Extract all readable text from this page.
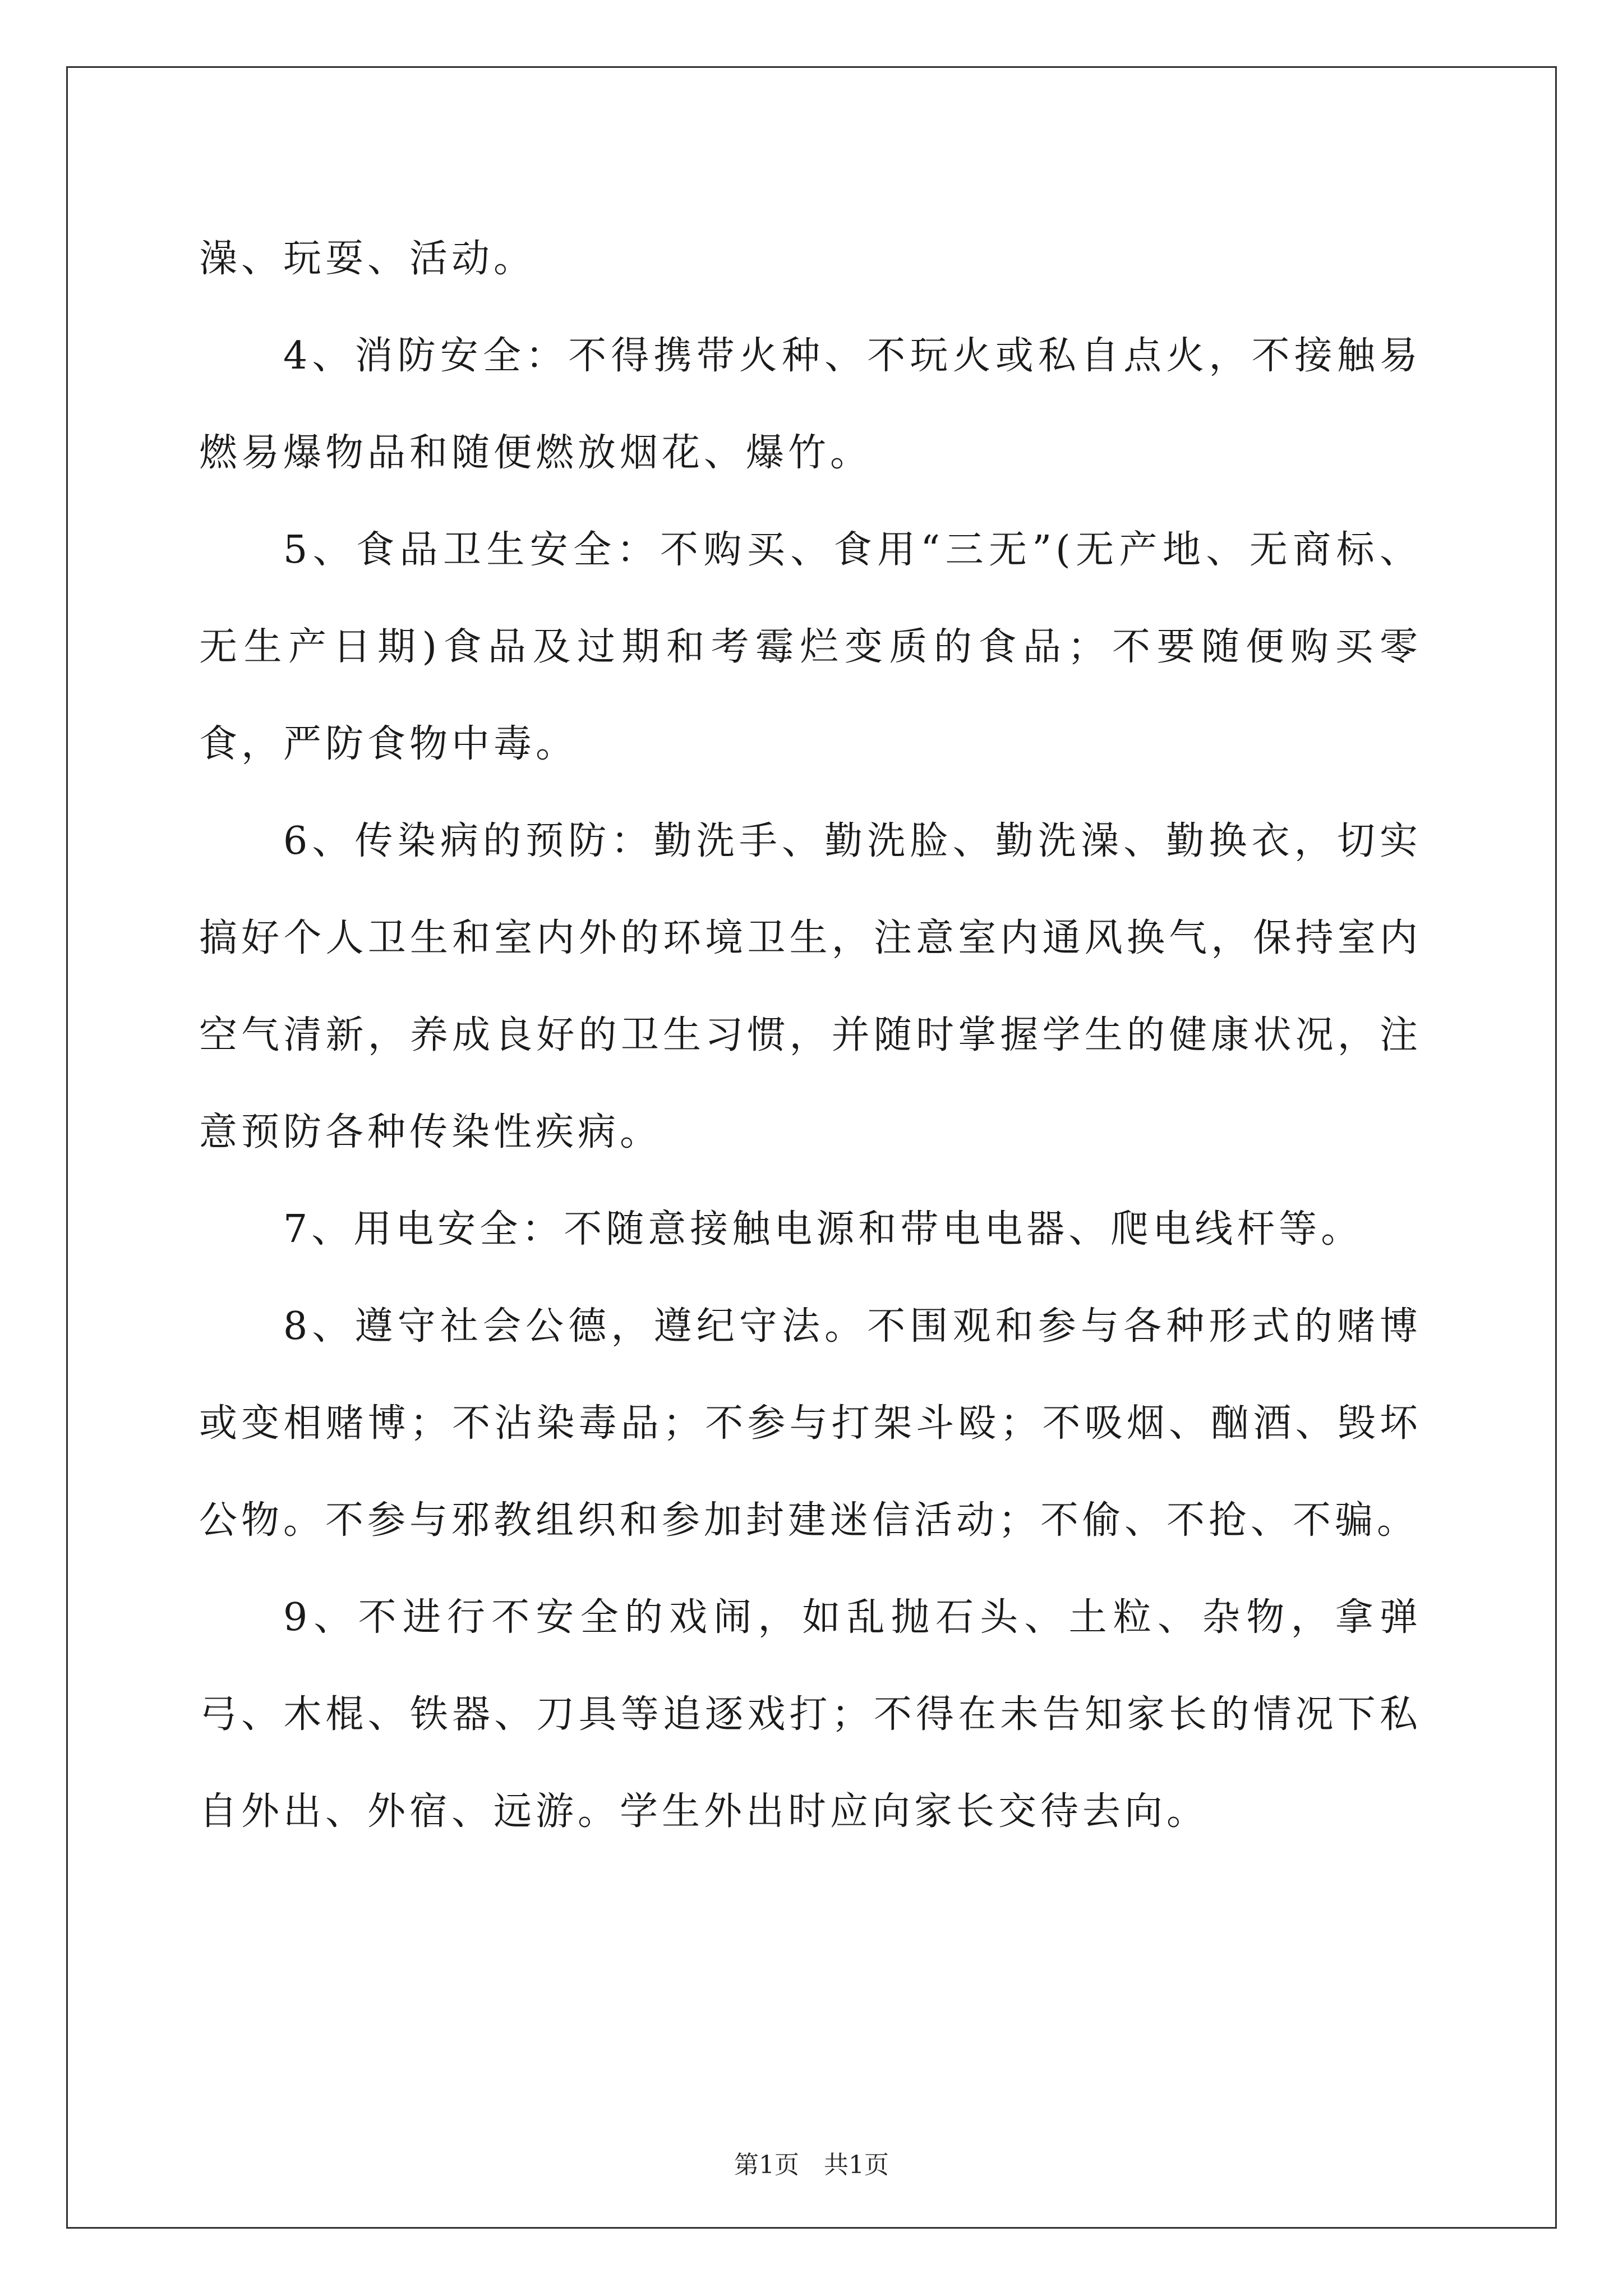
澡、玩耍、活动。

4、消防安全：不得携带火种、不玩火或私自点火，不接触易燃易爆物品和随便燃放烟花、爆竹。

5、食品卫生安全：不购买、食用“三无”(无产地、无商标、无生产日期)食品及过期和考霉烂变质的食品；不要随便购买零食，严防食物中毒。

6、传染病的预防：勤洗手、勤洗脸、勤洗澡、勤换衣，切实搞好个人卫生和室内外的环境卫生，注意室内通风换气，保持室内空气清新，养成良好的卫生习惯，并随时掌握学生的健康状况，注意预防各种传染性疾病。

7、用电安全：不随意接触电源和带电电器、爬电线杆等。

8、遵守社会公德，遵纪守法。不围观和参与各种形式的赌博或变相赌博；不沾染毒品；不参与打架斗殴；不吸烟、酗酒、毁坏公物。不参与邪教组织和参加封建迷信活动；不偷、不抢、不骗。

9、不进行不安全的戏闹，如乱抛石头、土粒、杂物，拿弹弓、木棍、铁器、刀具等追逐戏打；不得在未告知家长的情况下私自外出、外宿、远游。学生外出时应向家长交待去向。

第1页　共1页
